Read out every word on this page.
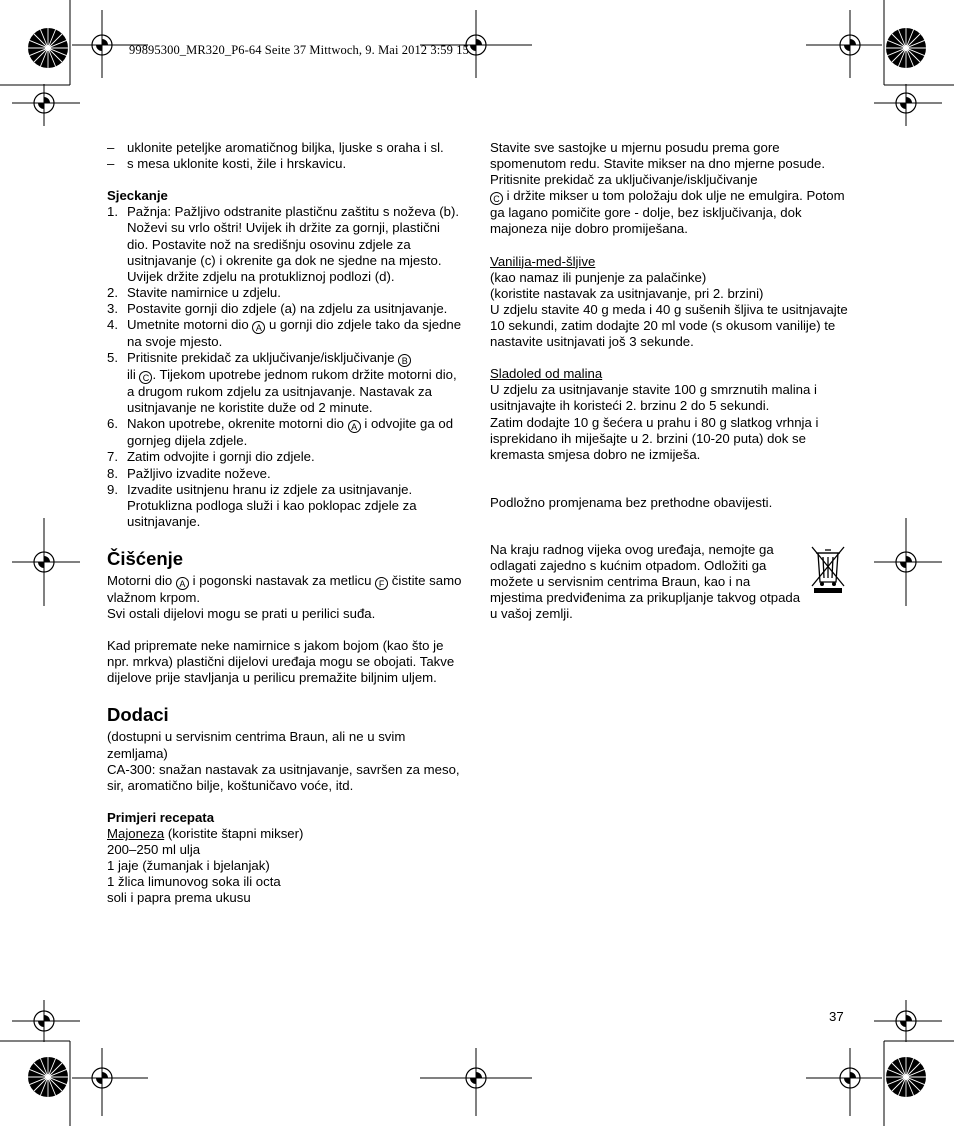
99895300_MR320_P6-64 Seite 37 Mittwoch, 9. Mai 2012 3:59 15
– uklonite peteljke aromatičnog biljka, ljuske s oraha i sl.
– s mesa uklonite kosti, žile i hrskavicu.
Sjeckanje
1. Pažnja: Pažljivo odstranite plastičnu zaštitu s noževa (b). Noževi su vrlo oštri! Uvijek ih držite za gornji, plastični dio. Postavite nož na središnju osovinu zdjele za usitnjavanje (c) i okrenite ga dok ne sjedne na mjesto. Uvijek držite zdjelu na protukliznoj podlozi (d).
2. Stavite namirnice u zdjelu.
3. Postavite gornji dio zdjele (a) na zdjelu za usitnjavanje.
4. Umetnite motorni dio A u gornji dio zdjele tako da sjedne na svoje mjesto.
5. Pritisnite prekidač za uključivanje/isključivanje B
ili C . Tijekom upotrebe jednom rukom držite motorni dio, a drugom rukom zdjelu za usitnjavanje. Nastavak za usitnjavanje ne koristite duže od 2 minute.
6. Nakon upotrebe, okrenite motorni dio A i odvojite ga od gornjeg dijela zdjele.
7. Zatim odvojite i gornji dio zdjele.
8. Pažljivo izvadite noževe.
9. Izvadite usitnjenu hranu iz zdjele za usitnjavanje. Protuklizna podloga služi i kao poklopac zdjele za usitnjavanje.
Čišćenje
Motorni dio A i pogonski nastavak za metlicu F čistite samo vlažnom krpom.
Svi ostali dijelovi mogu se prati u perilici suđa.
Kad pripremate neke namirnice s jakom bojom (kao što je npr. mrkva) plastični dijelovi uređaja mogu se obojati. Takve dijelove prije stavljanja u perilicu premažite biljnim uljem.
Dodaci
(dostupni u servisnim centrima Braun, ali ne u svim zemljama)
CA-300: snažan nastavak za usitnjavanje, savršen za meso, sir, aromatično bilje, koštuničavo voće, itd.
Primjeri recepata
Majoneza (koristite štapni mikser)
200–250 ml ulja
1 jaje (žumanjak i bjelanjak)
1 žlica limunovog soka ili octa
soli i papra prema ukusu
Stavite sve sastojke u mjernu posudu prema gore spomenutom redu. Stavite mikser na dno mjerne posude. Pritisnite prekidač za uključivanje/isključivanje
C i držite mikser u tom položaju dok ulje ne emulgira. Potom ga lagano pomičite gore - dolje, bez isključivanja, dok majoneza nije dobro promiješana.
Vanilija-med-šljive
(kao namaz ili punjenje za palačinke)
(koristite nastavak za usitnjavanje, pri 2. brzini)
U zdjelu stavite 40 g meda i 40 g sušenih šljiva te usitnjavajte 10 sekundi, zatim dodajte 20 ml vode (s okusom vanilije) te nastavite usitnjavati još 3 sekunde.
Sladoled od malina
U zdjelu za usitnjavanje stavite 100 g smrznutih malina i usitnjavajte ih koristeći 2. brzinu 2 do 5 sekundi.
Zatim dodajte 10 g šećera u prahu i 80 g slatkog vrhnja i isprekidano ih miješajte u 2. brzini (10-20 puta) dok se kremasta smjesa dobro ne izmiješa.
Podložno promjenama bez prethodne obavijesti.
Na kraju radnog vijeka ovog uređaja, nemojte ga odlagati zajedno s kućnim otpadom. Odložiti ga možete u servisnim centrima Braun, kao i na mjestima predviđenima za prikupljanje takvog otpada u vašoj zemlji.
37
